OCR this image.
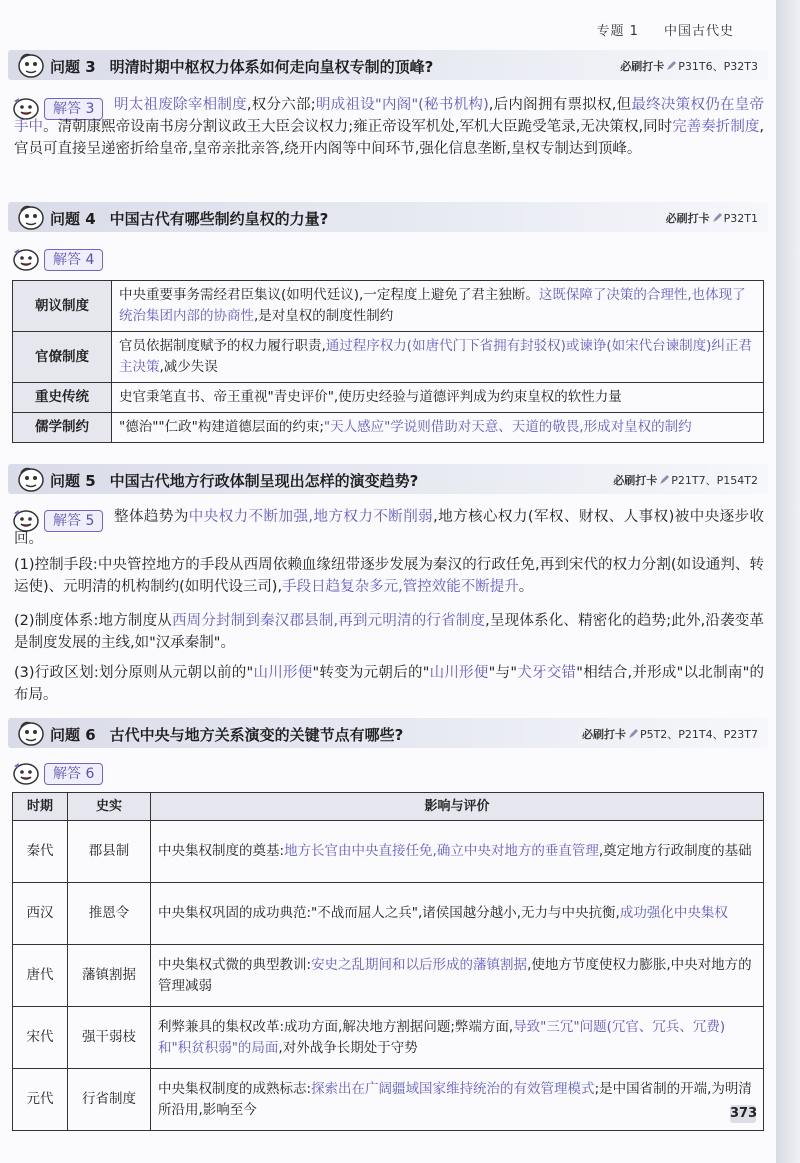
专题 1 中国古代史
问题 3 明清时期中枢权力体系如何走向皇权专制的顶峰?	必刷打卡 P31T6、P32T3
解答 3	明太祖废除宰相制度,权分六部;明成祖设"内阁"(秘书机构),后内阁拥有票拟权,但最终决策权仍在皇帝手中。清朝康熙帝设南书房分割议政王大臣会议权力;雍正帝设军机处,军机大臣跪受笔录,无决策权,同时完善奏折制度,官员可直接呈递密折给皇帝,皇帝亲批亲答,绕开内阁等中间环节,强化信息垄断,皇权专制达到顶峰。
问题 4 中国古代有哪些制约皇权的力量?	必刷打卡 P32T1
解答 4
朝议制度	中央重要事务需经君臣集议(如明代廷议),一定程度上避免了君主独断。这既保障了决策的合理性,也体现了统治集团内部的协商性,是对皇权的制度性制约
官僚制度	官员依据制度赋予的权力履行职责,通过程序权力(如唐代门下省拥有封驳权)或谏诤(如宋代台谏制度)纠正君主决策,减少失误
重史传统	史官秉笔直书、帝王重视"青史评价",使历史经验与道德评判成为约束皇权的软性力量
儒学制约	"德治""仁政"构建道德层面的约束;"天人感应"学说则借助对天意、天道的敬畏,形成对皇权的制约
问题 5 中国古代地方行政体制呈现出怎样的演变趋势?	必刷打卡 P21T7、P154T2
解答 5	整体趋势为中央权力不断加强,地方权力不断削弱,地方核心权力(军权、财权、人事权)被中央逐步收回。
(1)控制手段:中央管控地方的手段从西周依赖血缘纽带逐步发展为秦汉的行政任免,再到宋代的权力分割(如设通判、转运使)、元明清的机构制约(如明代设三司),手段日趋复杂多元,管控效能不断提升。
(2)制度体系:地方制度从西周分封制到秦汉郡县制,再到元明清的行省制度,呈现体系化、精密化的趋势;此外,沿袭变革是制度发展的主线,如"汉承秦制"。
(3)行政区划:划分原则从元朝以前的"山川形便"转变为元朝后的"山川形便"与"犬牙交错"相结合,并形成"以北制南"的布局。
问题 6 古代中央与地方关系演变的关键节点有哪些?	必刷打卡 P5T2、P21T4、P23T7
解答 6
时期	史实	影响与评价
秦代	郡县制	中央集权制度的奠基:地方长官由中央直接任免,确立中央对地方的垂直管理,奠定地方行政制度的基础
西汉	推恩令	中央集权巩固的成功典范:"不战而屈人之兵",诸侯国越分越小,无力与中央抗衡,成功强化中央集权
唐代	藩镇割据	中央集权式微的典型教训:安史之乱期间和以后形成的藩镇割据,使地方节度使权力膨胀,中央对地方的管理减弱
宋代	强干弱枝	利弊兼具的集权改革:成功方面,解决地方割据问题;弊端方面,导致"三冗"问题(冗官、冗兵、冗费)和"积贫积弱"的局面,对外战争长期处于守势
元代	行省制度	中央集权制度的成熟标志:探索出在广阔疆域国家维持统治的有效管理模式;是中国省制的开端,为明清所沿用,影响至今	373
